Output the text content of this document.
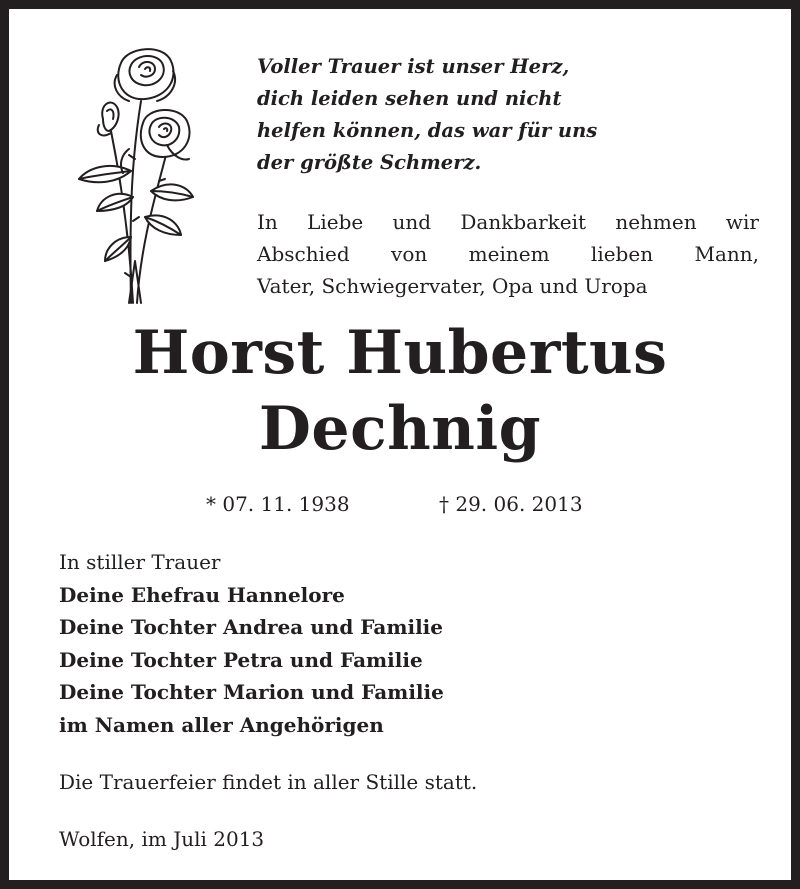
Voller Trauer ist unser Herz,
dich leiden sehen und nicht
helfen können, das war für uns
der größte Schmerz.

In Liebe und Dankbarkeit nehmen wir
Abschied von meinem lieben Mann,
Vater, Schwiegervater, Opa und Uropa

Horst Hubertus
Dechnig

* 07. 11. 1938	† 29. 06. 2013

In stiller Trauer
Deine Ehefrau Hannelore
Deine Tochter Andrea und Familie
Deine Tochter Petra und Familie
Deine Tochter Marion und Familie
im Namen aller Angehörigen

Die Trauerfeier findet in aller Stille statt.

Wolfen, im Juli 2013
